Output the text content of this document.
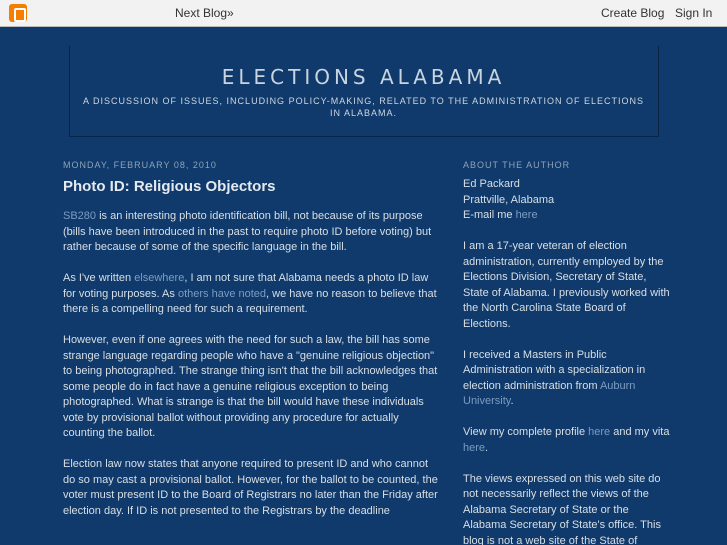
Next Blog»	Create Blog Sign In
ELECTIONS ALABAMA
A DISCUSSION OF ISSUES, INCLUDING POLICY-MAKING, RELATED TO THE ADMINISTRATION OF ELECTIONS IN ALABAMA.
MONDAY, FEBRUARY 08, 2010
Photo ID: Religious Objectors

SB280 is an interesting photo identification bill, not because of its purpose (bills have been introduced in the past to require photo ID before voting) but rather because of some of the specific language in the bill.

As I've written elsewhere, I am not sure that Alabama needs a photo ID law for voting purposes. As others have noted, we have no reason to believe that there is a compelling need for such a requirement.

However, even if one agrees with the need for such a law, the bill has some strange language regarding people who have a "genuine religious objection" to being photographed. The strange thing isn't that the bill acknowledges that some people do in fact have a genuine religious exception to being photographed. What is strange is that the bill would have these individuals vote by provisional ballot without providing any procedure for actually counting the ballot.

Election law now states that anyone required to present ID and who cannot do so may cast a provisional ballot. However, for the ballot to be counted, the voter must present ID to the Board of Registrars no later than the Friday after election day. If ID is not presented to the Registrars by the deadline

ABOUT THE AUTHOR

Ed Packard
Prattville, Alabama
E-mail me here

I am a 17-year veteran of election administration, currently employed by the Elections Division, Secretary of State, State of Alabama. I previously worked with the North Carolina State Board of Elections.

I received a Masters in Public Administration with a specialization in election administration from Auburn University.

View my complete profile here and my vita here.

The views expressed on this web site do not necessarily reflect the views of the Alabama Secretary of State or the Alabama Secretary of State's office. This blog is not a web site of the State of
